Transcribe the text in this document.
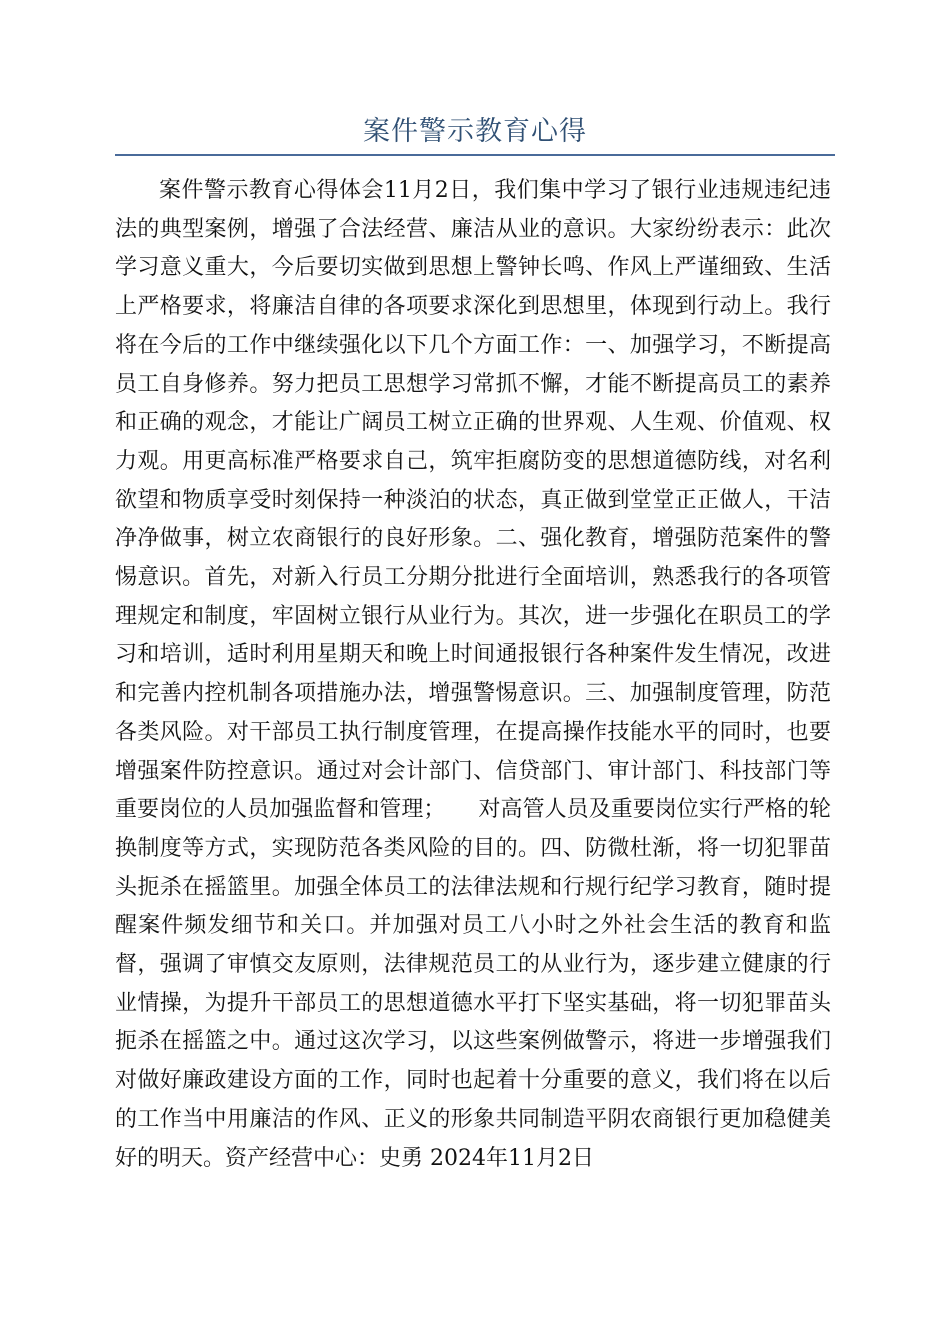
案件警示教育心得

案件警示教育心得体会11月2日，我们集中学习了银行业违规违纪违法的典型案例，增强了合法经营、廉洁从业的意识。大家纷纷表示：此次学习意义重大，今后要切实做到思想上警钟长鸣、作风上严谨细致、生活上严格要求，将廉洁自律的各项要求深化到思想里，体现到行动上。我行将在今后的工作中继续强化以下几个方面工作：一、加强学习，不断提高员工自身修养。努力把员工思想学习常抓不懈，才能不断提高员工的素养和正确的观念，才能让广阔员工树立正确的世界观、人生观、价值观、权力观。用更高标准严格要求自己，筑牢拒腐防变的思想道德防线，对名利欲望和物质享受时刻保持一种淡泊的状态，真正做到堂堂正正做人，干洁净净做事，树立农商银行的良好形象。二、强化教育，增强防范案件的警惕意识。首先，对新入行员工分期分批进行全面培训，熟悉我行的各项管理规定和制度，牢固树立银行从业行为。其次，进一步强化在职员工的学习和培训，适时利用星期天和晚上时间通报银行各种案件发生情况，改进和完善内控机制各项措施办法，增强警惕意识。三、加强制度管理，防范各类风险。对干部员工执行制度管理，在提高操作技能水平的同时，也要增强案件防控意识。通过对会计部门、信贷部门、审计部门、科技部门等重要岗位的人员加强监督和管理；　　对高管人员及重要岗位实行严格的轮换制度等方式，实现防范各类风险的目的。四、防微杜渐，将一切犯罪苗头扼杀在摇篮里。加强全体员工的法律法规和行规行纪学习教育，随时提醒案件频发细节和关口。并加强对员工八小时之外社会生活的教育和监督，强调了审慎交友原则，法律规范员工的从业行为，逐步建立健康的行业情操，为提升干部员工的思想道德水平打下坚实基础，将一切犯罪苗头扼杀在摇篮之中。通过这次学习，以这些案例做警示，将进一步增强我们对做好廉政建设方面的工作，同时也起着十分重要的意义，我们将在以后的工作当中用廉洁的作风、正义的形象共同制造平阴农商银行更加稳健美好的明天。资产经营中心：史勇 2024年11月2日
